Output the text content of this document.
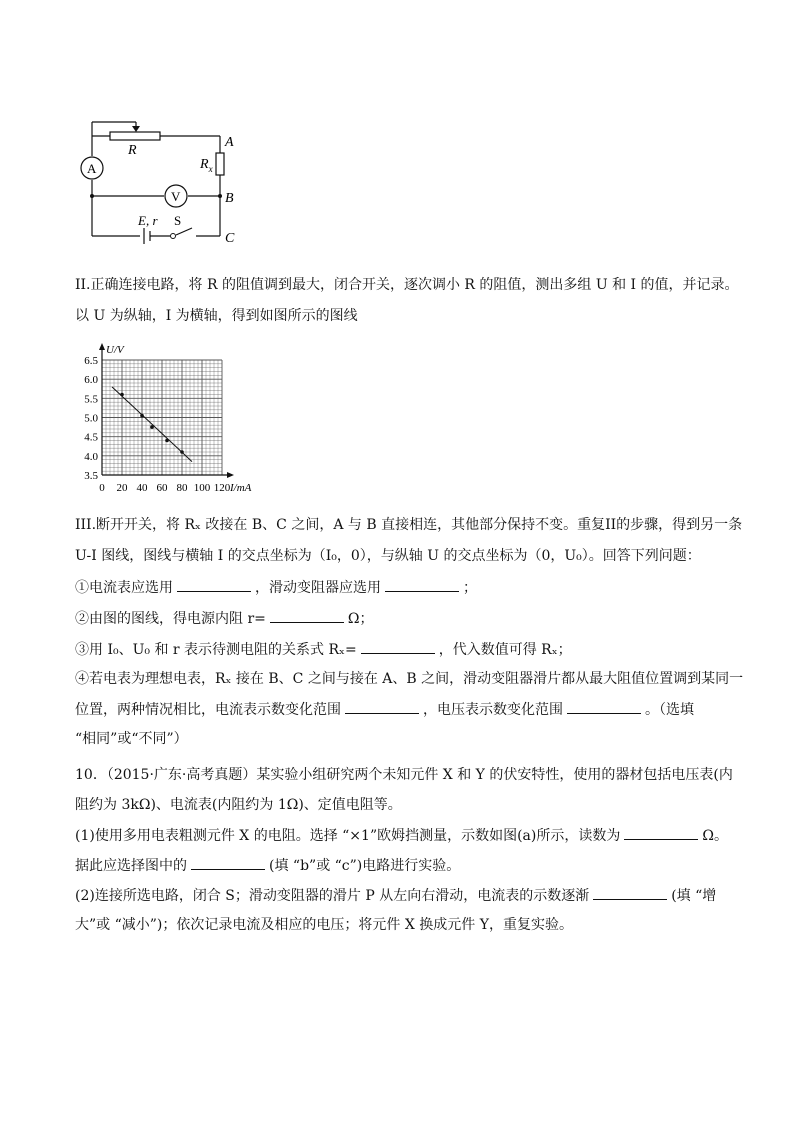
R
A
$R_x$
B
C
A
V
E, r S
II.正确连接电路，将 R 的阻值调到最大，闭合开关，逐次调小 R 的阻值，测出多组 U 和 I 的值，并记录。
以 U 为纵轴，I 为横轴，得到如图所示的图线
0 20 40 60 80 100 120
3.5
4.0
4.5
5.0
5.5
6.0
6.5
U/V
I/mA
III.断开开关，将 Rₓ 改接在 B、C 之间，A 与 B 直接相连，其他部分保持不变。重复II的步骤，得到另一条
U-I 图线，图线与横轴 I 的交点坐标为（I₀，0），与纵轴 U 的交点坐标为（0，U₀）。回答下列问题：
①电流表应选用	，滑动变阻器应选用	；
②由图的图线，得电源内阻 r=	Ω；
③用 I₀、U₀ 和 r 表示待测电阻的关系式 Rₓ=	，代入数值可得 Rₓ；
④若电表为理想电表，Rₓ 接在 B、C 之间与接在 A、B 之间，滑动变阻器滑片都从最大阻值位置调到某同一
位置，两种情况相比，电流表示数变化范围	，电压表示数变化范围	。（选填
“相同”或“不同”）
10．（2015·广东·高考真题）某实验小组研究两个未知元件 X 和 Y 的伏安特性，使用的器材包括电压表(内
阻约为 3kΩ)、电流表(内阻约为 1Ω)、定值电阻等。
(1)使用多用电表粗测元件 X 的电阻。选择 “×1”欧姆挡测量，示数如图(a)所示，读数为	Ω。
据此应选择图中的	(填 “b”或 “c”)电路进行实验。
(2)连接所选电路，闭合 S；滑动变阻器的滑片 P 从左向右滑动，电流表的示数逐渐	(填 “增
大”或 “减小”)；依次记录电流及相应的电压；将元件 X 换成元件 Y，重复实验。
